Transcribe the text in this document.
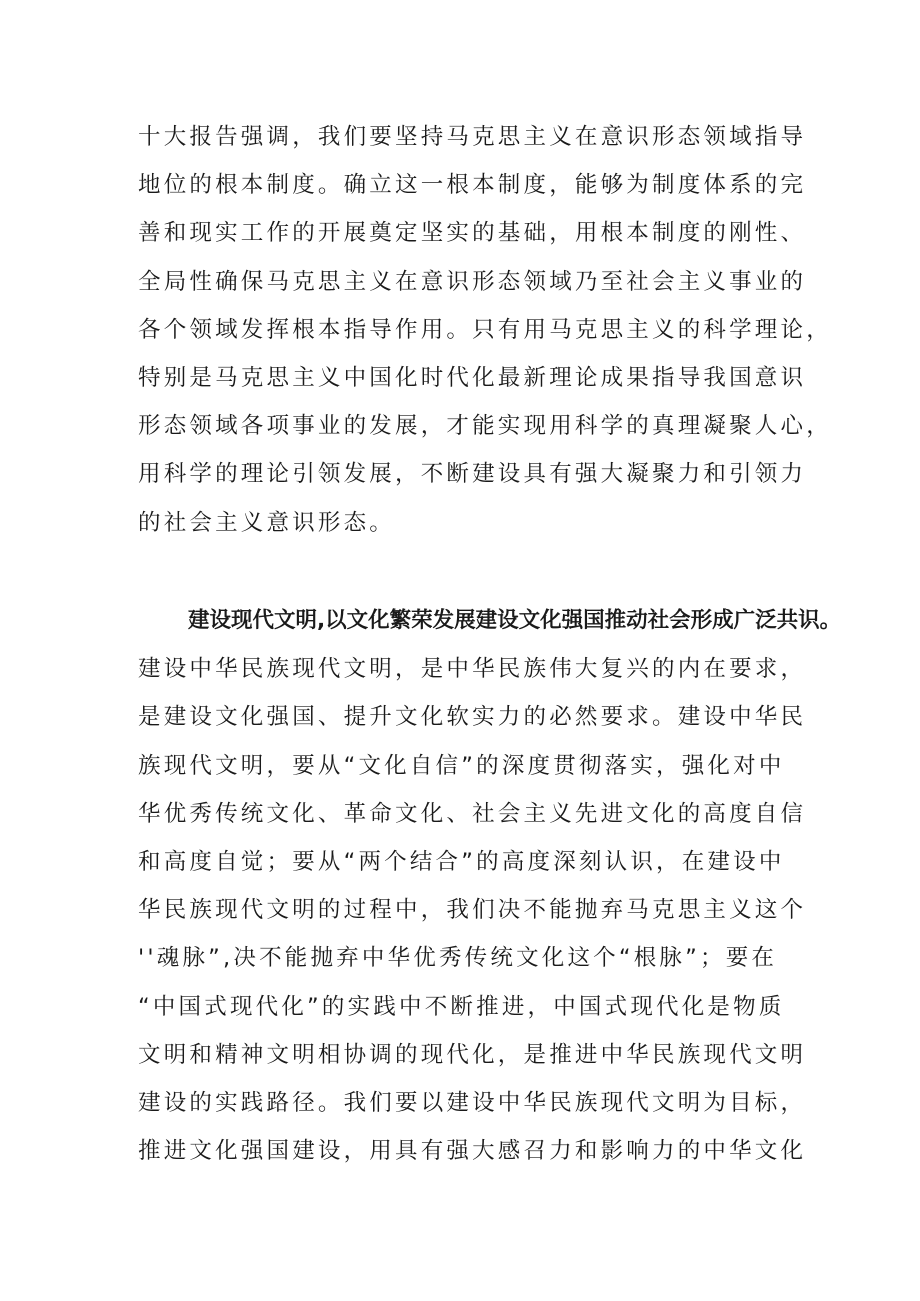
十大报告强调，我们要坚持马克思主义在意识形态领域指导
地位的根本制度。确立这一根本制度，能够为制度体系的完
善和现实工作的开展奠定坚实的基础，用根本制度的刚性、
全局性确保马克思主义在意识形态领域乃至社会主义事业的
各个领域发挥根本指导作用。只有用马克思主义的科学理论，
特别是马克思主义中国化时代化最新理论成果指导我国意识
形态领域各项事业的发展，才能实现用科学的真理凝聚人心，
用科学的理论引领发展，不断建设具有强大凝聚力和引领力
的社会主义意识形态。
建设现代文明,以文化繁荣发展建设文化强国推动社会形成广泛共识。
建设中华民族现代文明，是中华民族伟大复兴的内在要求，
是建设文化强国、提升文化软实力的必然要求。建设中华民
族现代文明，要从“文化自信”的深度贯彻落实，强化对中
华优秀传统文化、革命文化、社会主义先进文化的高度自信
和高度自觉；要从“两个结合”的高度深刻认识，在建设中
华民族现代文明的过程中，我们决不能抛弃马克思主义这个
''魂脉”,决不能抛弃中华优秀传统文化这个“根脉”；要在
“中国式现代化”的实践中不断推进，中国式现代化是物质
文明和精神文明相协调的现代化，是推进中华民族现代文明
建设的实践路径。我们要以建设中华民族现代文明为目标，
推进文化强国建设，用具有强大感召力和影响力的中华文化
